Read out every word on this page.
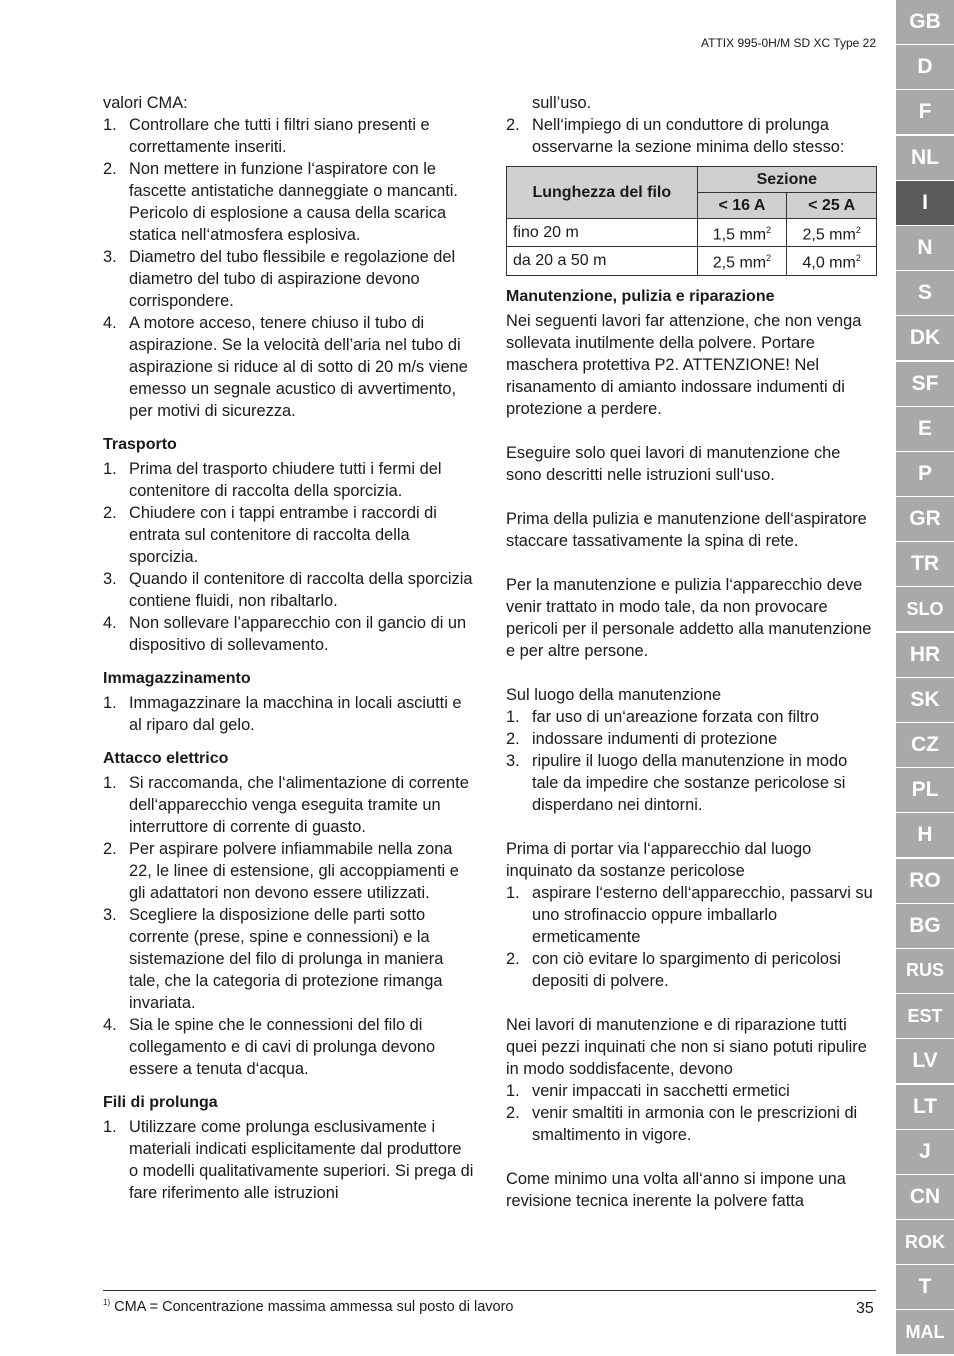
ATTIX 995-0H/M SD XC Type 22

valori CMA:

1. Controllare che tutti i filtri siano presenti e correttamente inseriti.
2. Non mettere in funzione l‘aspiratore con le fascette antistatiche danneggiate o mancanti. Pericolo di esplosione a causa della scarica statica nell‘atmosfera esplosiva.
3. Diametro del tubo flessibile e regolazione del diametro del tubo di aspirazione devono corrispondere.
4. A motore acceso, tenere chiuso il tubo di aspirazione. Se la velocità dell’aria nel tubo di aspirazione si riduce al di sotto di 20 m/s viene emesso un segnale acustico di avvertimento, per motivi di sicurezza.
Trasporto
1. Prima del trasporto chiudere tutti i fermi del contenitore di raccolta della sporcizia.
2. Chiudere con i tappi entrambe i raccordi di entrata sul contenitore di raccolta della sporcizia.
3. Quando il contenitore di raccolta della sporcizia contiene fluidi, non ribaltarlo.
4. Non sollevare l’apparecchio con il gancio di un dispositivo di sollevamento.
Immagazzinamento
1. Immagazzinare la macchina in locali asciutti e al riparo dal gelo.
Attacco elettrico
1. Si raccomanda, che l‘alimentazione di corrente dell‘apparecchio venga eseguita tramite un interruttore di corrente di guasto.
2. Per aspirare polvere infiammabile nella zona 22, le linee di estensione, gli accoppiamenti e gli adattatori non devono essere utilizzati.
3. Scegliere la disposizione delle parti sotto corrente (prese, spine e connessioni) e la sistemazione del filo di prolunga in maniera tale, che la categoria di protezione rimanga invariata.
4. Sia le spine che le connessioni del filo di collegamento e di cavi di prolunga devono essere a tenuta d‘acqua.
Fili di prolunga
1. Utilizzare come prolunga esclusivamente i materiali indicati esplicitamente dal produttore o modelli qualitativamente superiori. Si prega di fare riferimento alle istruzioni
sull’uso.
2. Nell‘impiego di un conduttore di prolunga osservarne la sezione minima dello stesso:
Lunghezza del filo	Sezione	
	< 16 A	< 25 A
fino 20 m	1,5 $mm^2$	2,5 $mm^2$
da 20 a 50 m	2,5 $mm^2$	4,0 $mm^2$
Manutenzione, pulizia e riparazione

Nei seguenti lavori far attenzione, che non venga sollevata inutilmente della polvere. Portare maschera protettiva P2. ATTENZIONE! Nel risanamento di amianto indossare indumenti di protezione a perdere.

Eseguire solo quei lavori di manutenzione che sono descritti nelle istruzioni sull‘uso.

Prima della pulizia e manutenzione dell‘aspiratore staccare tassativamente la spina di rete.

Per la manutenzione e pulizia l‘apparecchio deve venir trattato in modo tale, da non provocare pericoli per il personale addetto alla manutenzione e per altre persone.

Sul luogo della manutenzione

1. far uso di un‘areazione forzata con filtro
2. indossare indumenti di protezione
3. ripulire il luogo della manutenzione in modo tale da impedire che sostanze pericolose si disperdano nei dintorni.

Prima di portar via l‘apparecchio dal luogo inquinato da sostanze pericolose

1. aspirare l‘esterno dell‘apparecchio, passarvi su uno strofinaccio oppure imballarlo ermeticamente
2. con ciò evitare lo spargimento di pericolosi depositi di polvere.

Nei lavori di manutenzione e di riparazione tutti quei pezzi inquinati che non si siano potuti ripulire in modo soddisfacente, devono

1. venir impaccati in sacchetti ermetici
2. venir smaltiti in armonia con le prescrizioni di smaltimento in vigore.

Come minimo una volta all‘anno si impone una revisione tecnica inerente la polvere fatta

$^{1)}$ CMA = Concentrazione massima ammessa sul posto di lavoro	35
GB
D
F
NL
I
N
S
DK
SF
E
P
GR
TR
SLO
HR
SK
CZ
PL
H
RO
BG
RUS
EST
LV
LT
J
CN
ROK
T
MAL
